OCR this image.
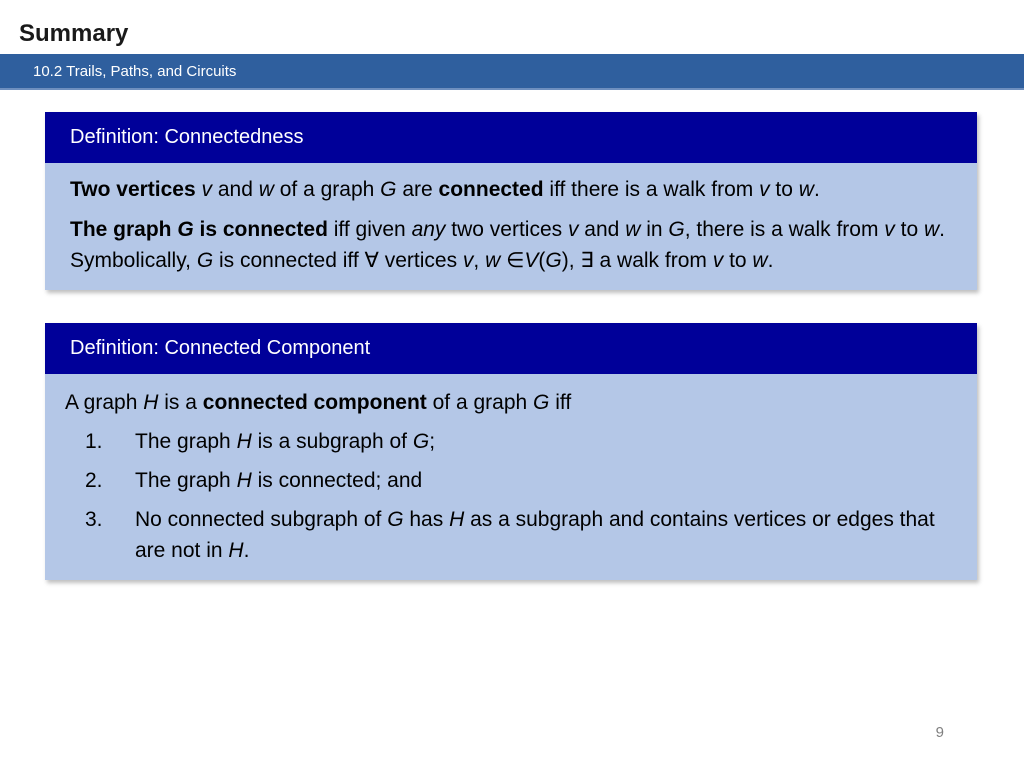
Summary
10.2 Trails, Paths, and Circuits
Definition: Connectedness

Two vertices v and w of a graph G are connected iff there is a walk from v to w.

The graph G is connected iff given any two vertices v and w in G, there is a walk from v to w. Symbolically, G is connected iff ∀ vertices v, w ∈V(G), ∃ a walk from v to w.

Definition: Connected Component

A graph H is a connected component of a graph G iff

1. The graph H is a subgraph of G;
2. The graph H is connected; and
3. No connected subgraph of G has H as a subgraph and contains vertices or edges that are not in H.
9
